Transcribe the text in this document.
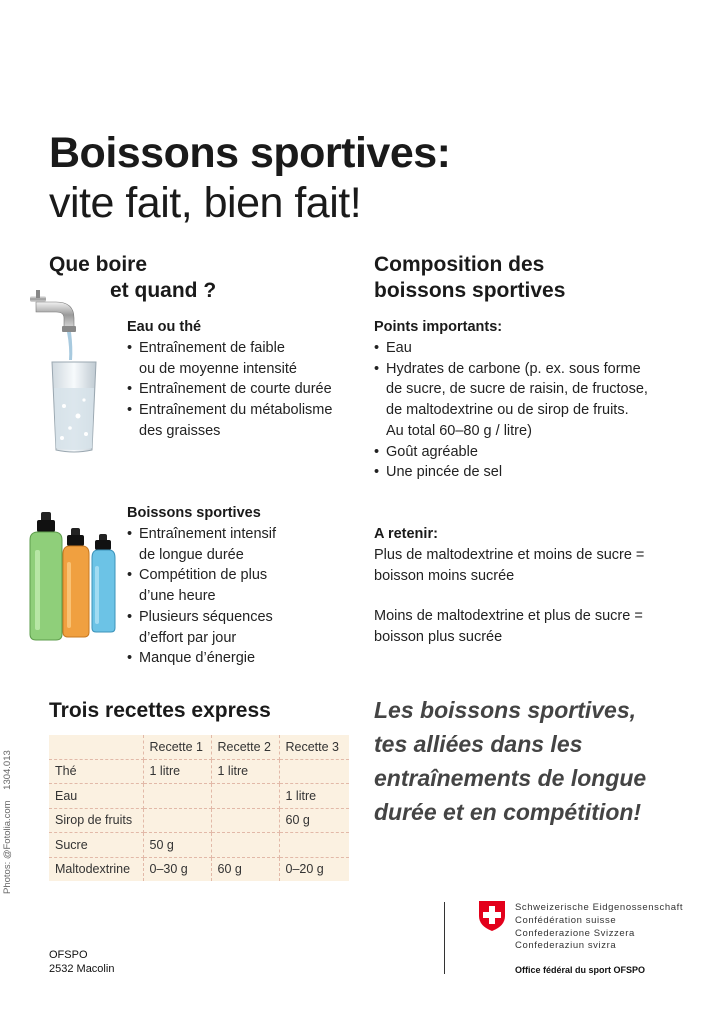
Boissons sportives:
vite fait, bien fait!
Que boire
et quand ?
Composition des
boissons sportives
Eau ou thé
• Entraînement de faible
ou de moyenne intensité
• Entraînement de courte durée
• Entraînement du métabolisme
des graisses
Boissons sportives
• Entraînement intensif
de longue durée
• Compétition de plus
d’une heure
• Plusieurs séquences
d’effort par jour
• Manque d’énergie
Points importants:
• Eau
• Hydrates de carbone (p. ex. sous forme
de sucre, de sucre de raisin, de fructose,
de maltodextrine ou de sirop de fruits.
Au total 60–80 g / litre)
• Goût agréable
• Une pincée de sel
A retenir:
Plus de maltodextrine et moins de sucre =
boisson moins sucrée
Moins de maltodextrine et plus de sucre =
boisson plus sucrée
Trois recettes express
	Recette 1	Recette 2	Recette 3
Thé	1 litre	1 litre	
Eau			1 litre
Sirop de fruits			60 g
Sucre	50 g		
Maltodextrine	0–30 g	60 g	0–20 g
Les boissons sportives,
tes alliées dans les
entraînements de longue
durée et en compétition!
Photos: @Fotolia.com    1304.013
OFSPO
2532 Macolin
Schweizerische Eidgenossenschaft
Confédération suisse
Confederazione Svizzera
Confederaziun svizra
Office fédéral du sport OFSPO
